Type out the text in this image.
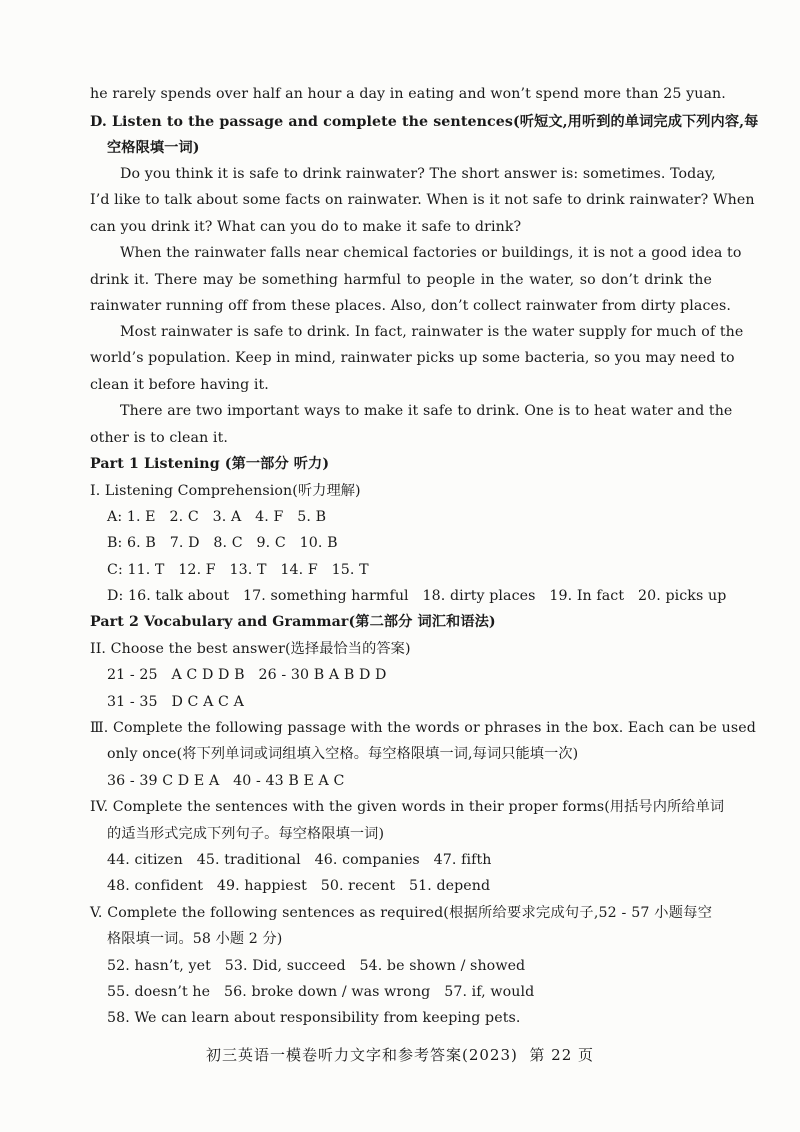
he rarely spends over half an hour a day in eating and won’t spend more than 25 yuan.
D. Listen to the passage and complete the sentences(听短文,用听到的单词完成下列内容,每
空格限填一词)
Do you think it is safe to drink rainwater? The short answer is: sometimes. Today,
I’d like to talk about some facts on rainwater. When is it not safe to drink rainwater? When
can you drink it? What can you do to make it safe to drink?
When the rainwater falls near chemical factories or buildings, it is not a good idea to
drink it. There may be something harmful to people in the water, so don’t drink the
rainwater running off from these places. Also, don’t collect rainwater from dirty places.
Most rainwater is safe to drink. In fact, rainwater is the water supply for much of the
world’s population. Keep in mind, rainwater picks up some bacteria, so you may need to
clean it before having it.
There are two important ways to make it safe to drink. One is to heat water and the
other is to clean it.
Part 1 Listening (第一部分 听力)
I. Listening Comprehension(听力理解)
A: 1. E   2. C   3. A   4. F   5. B
B: 6. B   7. D   8. C   9. C   10. B
C: 11. T   12. F   13. T   14. F   15. T
D: 16. talk about   17. something harmful   18. dirty places   19. In fact   20. picks up
Part 2 Vocabulary and Grammar(第二部分 词汇和语法)
II. Choose the best answer(选择最恰当的答案)
21 - 25   A C D D B   26 - 30 B A B D D
31 - 35   D C A C A
Ⅲ. Complete the following passage with the words or phrases in the box. Each can be used
only once(将下列单词或词组填入空格。每空格限填一词,每词只能填一次)
36 - 39 C D E A   40 - 43 B E A C
IV. Complete the sentences with the given words in their proper forms(用括号内所给单词
的适当形式完成下列句子。每空格限填一词)
44. citizen   45. traditional   46. companies   47. fifth
48. confident   49. happiest   50. recent   51. depend
V. Complete the following sentences as required(根据所给要求完成句子,52 - 57 小题每空
格限填一词。58 小题 2 分)
52. hasn’t, yet   53. Did, succeed   54. be shown / showed
55. doesn’t he   56. broke down / was wrong   57. if, would
58. We can learn about responsibility from keeping pets.
初三英语一模卷听力文字和参考答案(2023)  第 22 页
